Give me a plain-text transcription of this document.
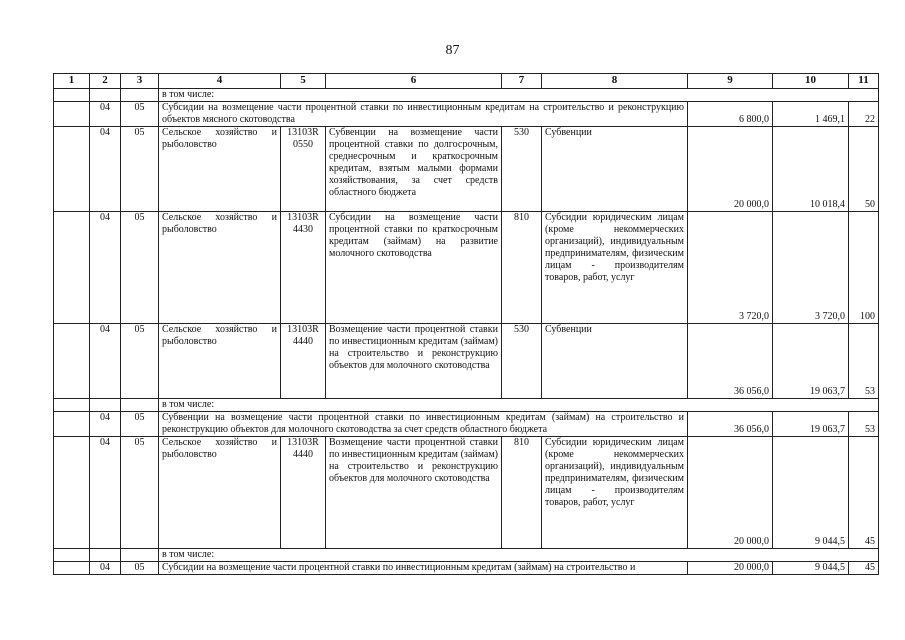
87
1	2	3	4	5	6	7	8	9	10	11
			в том числе:							
	04	05	Субсидии на возмещение части процентной ставки по инвестиционным кредитам на строительство и реконструкцию объектов мясного скотоводства					6 800,0	1 469,1	22
	04	05	Сельское хозяйство и рыболовство	13103R 0550	Субвенции на возмещение части процентной ставки по долгосрочным, среднесрочным и краткосрочным кредитам, взятым малыми формами хозяйствования, за счет средств областного бюджета	530	Субвенции	20 000,0	10 018,4	50
	04	05	Сельское хозяйство и рыболовство	13103R 4430	Субсидии на возмещение части процентной ставки по краткосрочным кредитам (займам) на развитие молочного скотоводства	810	Субсидии юридическим лицам (кроме некоммерческих организаций), индивидуальным предпринимателям, физическим лицам - производителям товаров, работ, услуг	3 720,0	3 720,0	100
	04	05	Сельское хозяйство и рыболовство	13103R 4440	Возмещение части процентной ставки по инвестиционным кредитам (займам) на строительство и реконструкцию объектов для молочного скотоводства	530	Субвенции	36 056,0	19 063,7	53
			в том числе:							
	04	05	Субвенции на возмещение части процентной ставки по инвестиционным кредитам (займам) на строительство и реконструкцию объектов для молочного скотоводства за счет средств областного бюджета					36 056,0	19 063,7	53
	04	05	Сельское хозяйство и рыболовство	13103R 4440	Возмещение части процентной ставки по инвестиционным кредитам (займам) на строительство и реконструкцию объектов для молочного скотоводства	810	Субсидии юридическим лицам (кроме некоммерческих организаций), индивидуальным предпринимателям, физическим лицам - производителям товаров, работ, услуг	20 000,0	9 044,5	45
			в том числе:							
	04	05	Субсидии на возмещение части процентной ставки по инвестиционным кредитам (займам) на строительство и					20 000,0	9 044,5	45
